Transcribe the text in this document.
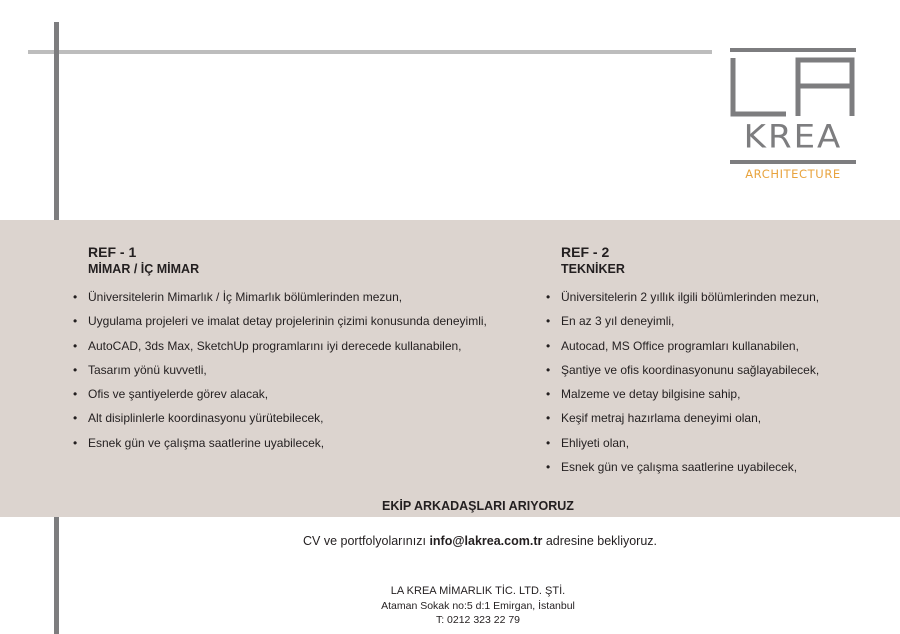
KREA
ARCHITECTURE
REF - 1
MİMAR / İÇ MİMAR
• Üniversitelerin Mimarlık / İç Mimarlık bölümlerinden mezun,
• Uygulama projeleri ve imalat detay projelerinin çizimi konusunda deneyimli,
• AutoCAD, 3ds Max, SketchUp programlarını iyi derecede kullanabilen,
• Tasarım yönü kuvvetli,
• Ofis ve şantiyelerde görev alacak,
• Alt disiplinlerle koordinasyonu yürütebilecek,
• Esnek gün ve çalışma saatlerine uyabilecek,
REF - 2
TEKNİKER
• Üniversitelerin 2 yıllık ilgili bölümlerinden mezun,
• En az 3 yıl deneyimli,
• Autocad, MS Office programları kullanabilen,
• Şantiye ve ofis koordinasyonunu sağlayabilecek,
• Malzeme ve detay bilgisine sahip,
• Keşif metraj hazırlama deneyimi olan,
• Ehliyeti olan,
• Esnek gün ve çalışma saatlerine uyabilecek,
EKİP ARKADAŞLARI ARIYORUZ
CV ve portfolyolarınızı info@lakrea.com.tr adresine bekliyoruz.
LA KREA MİMARLIK TİC. LTD. ŞTİ.
Ataman Sokak no:5 d:1 Emirgan, İstanbul
T: 0212 323 22 79
